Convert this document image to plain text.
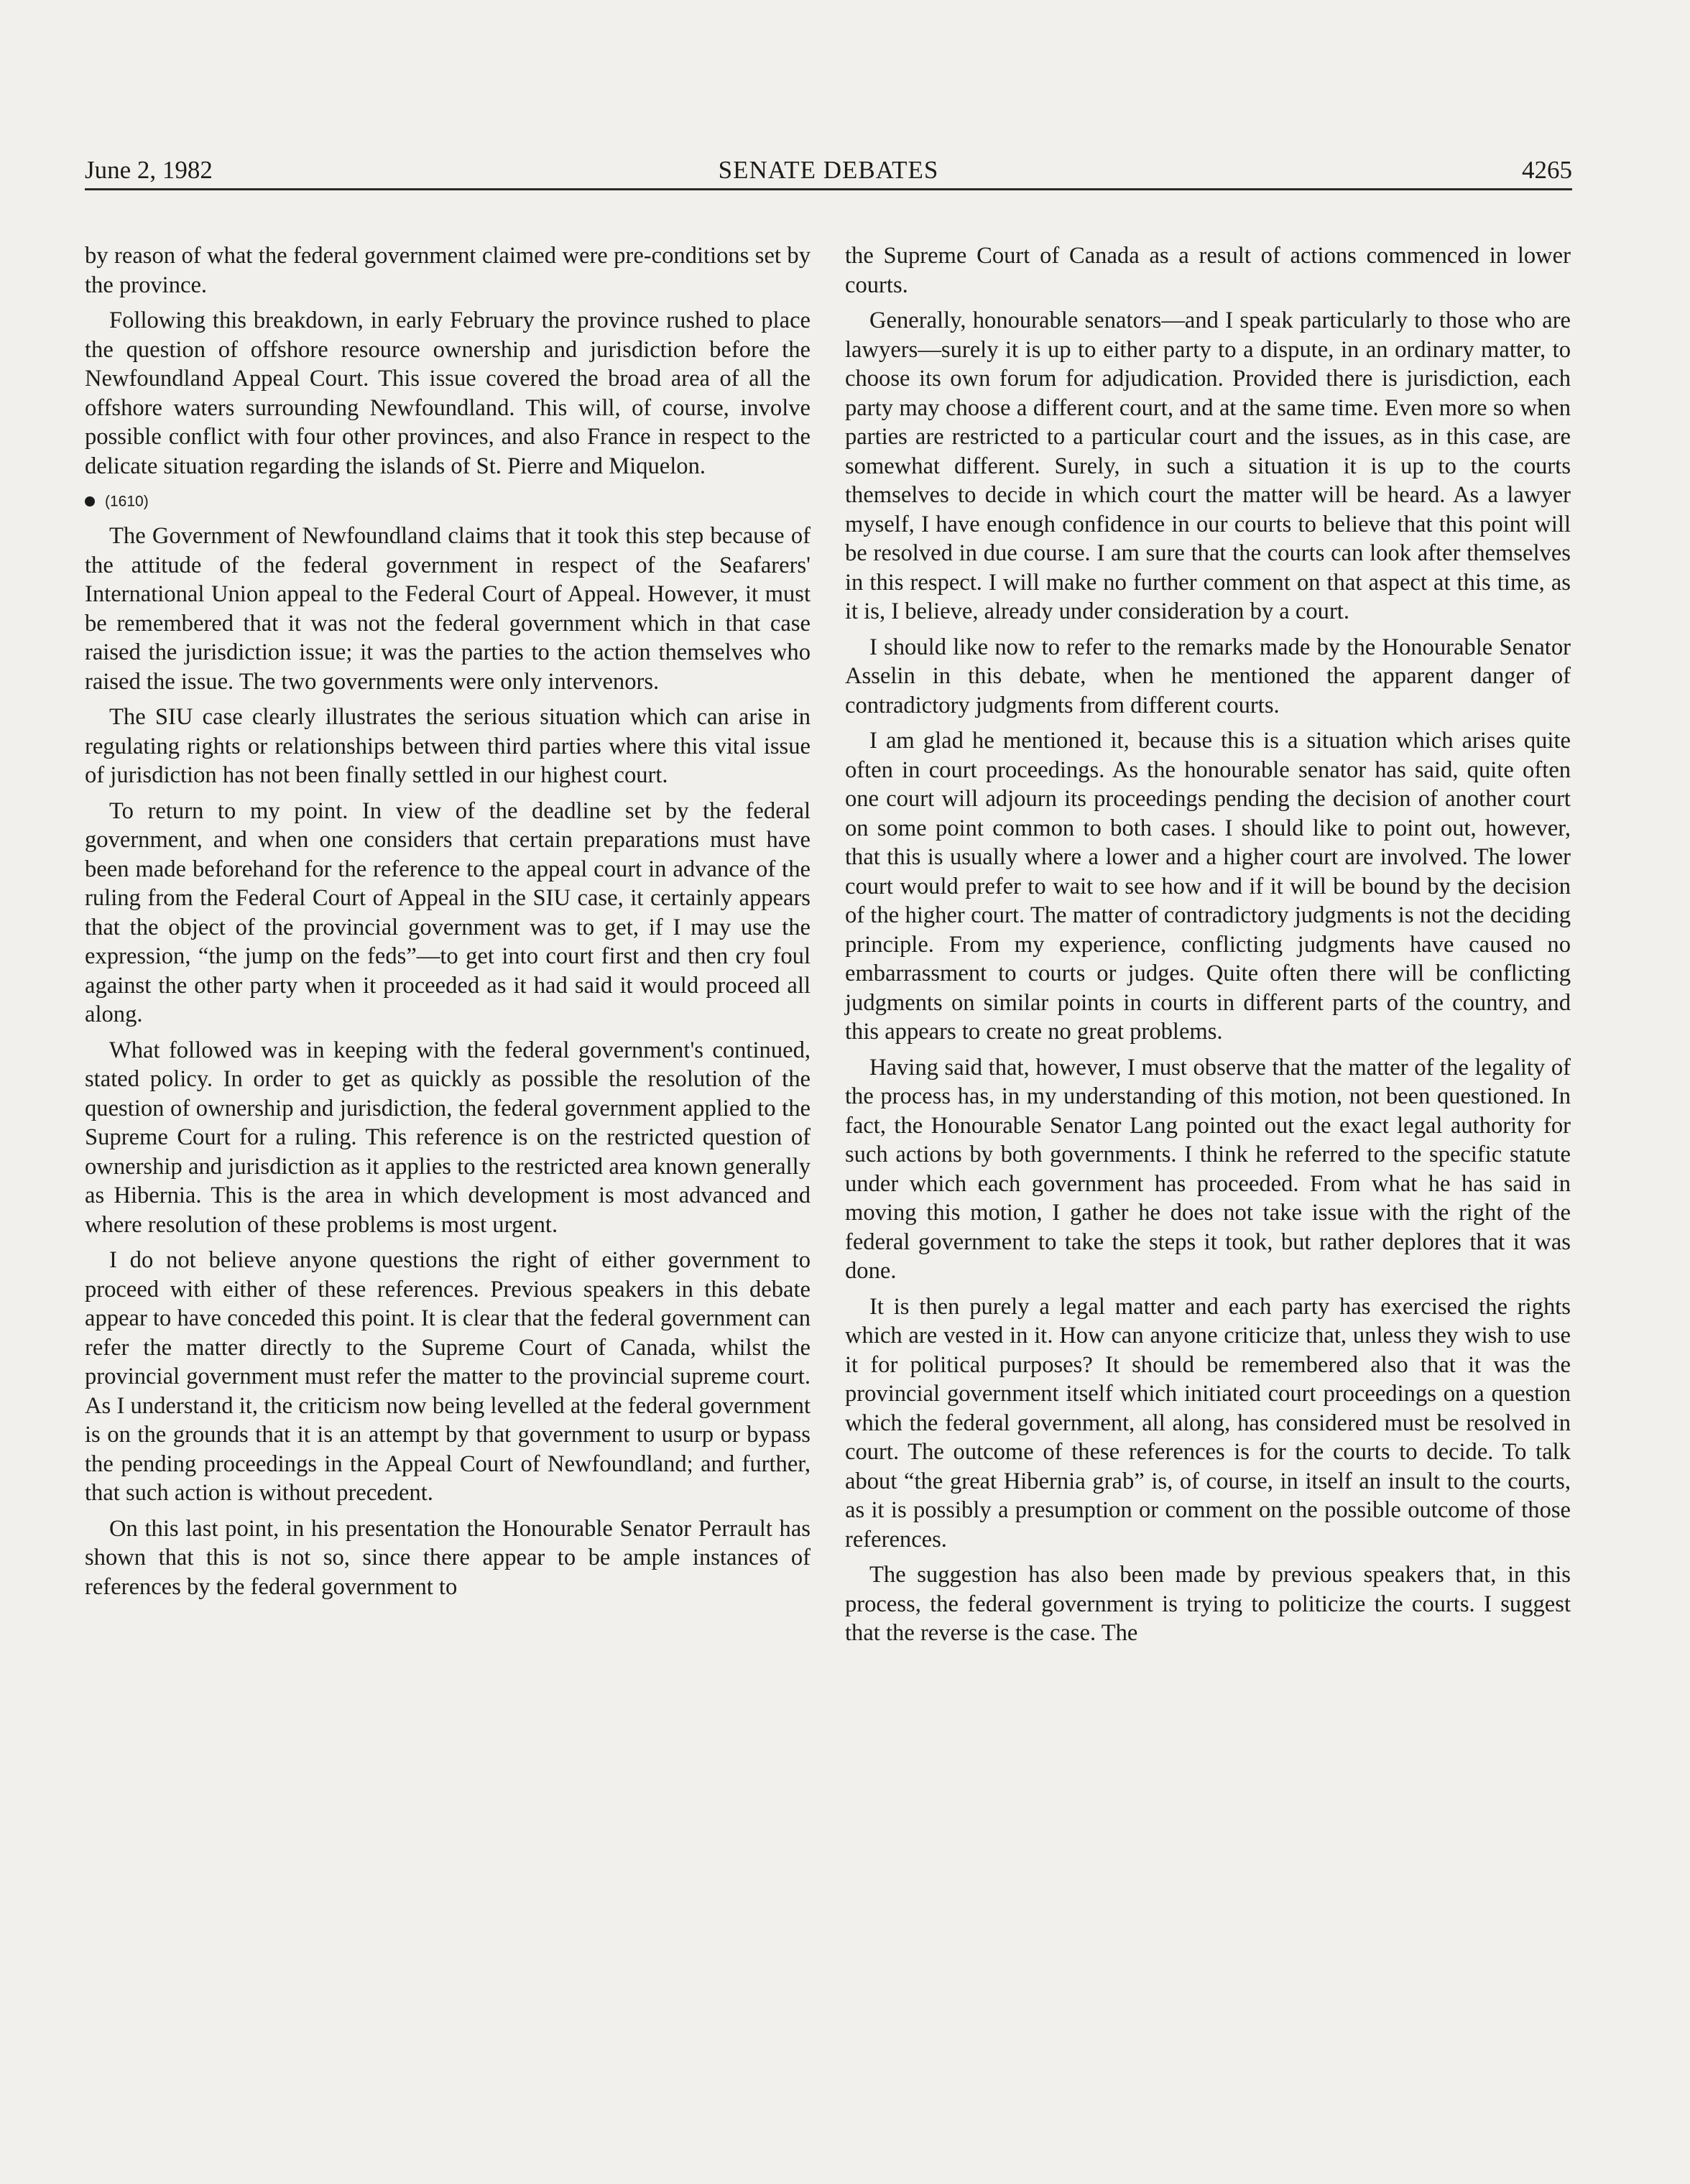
June 2, 1982	SENATE DEBATES	4265

by reason of what the federal government claimed were pre-conditions set by the province.

Following this breakdown, in early February the province rushed to place the question of offshore resource ownership and jurisdiction before the Newfoundland Appeal Court. This issue covered the broad area of all the offshore waters surrounding Newfoundland. This will, of course, involve possible conflict with four other provinces, and also France in respect to the delicate situation regarding the islands of St. Pierre and Miquelon.

(1610)

The Government of Newfoundland claims that it took this step because of the attitude of the federal government in respect of the Seafarers' International Union appeal to the Federal Court of Appeal. However, it must be remembered that it was not the federal government which in that case raised the jurisdiction issue; it was the parties to the action themselves who raised the issue. The two governments were only intervenors.

The SIU case clearly illustrates the serious situation which can arise in regulating rights or relationships between third parties where this vital issue of jurisdiction has not been finally settled in our highest court.

To return to my point. In view of the deadline set by the federal government, and when one considers that certain preparations must have been made beforehand for the reference to the appeal court in advance of the ruling from the Federal Court of Appeal in the SIU case, it certainly appears that the object of the provincial government was to get, if I may use the expression, “the jump on the feds”—to get into court first and then cry foul against the other party when it proceeded as it had said it would proceed all along.

What followed was in keeping with the federal government's continued, stated policy. In order to get as quickly as possible the resolution of the question of ownership and jurisdiction, the federal government applied to the Supreme Court for a ruling. This reference is on the restricted question of ownership and jurisdiction as it applies to the restricted area known generally as Hibernia. This is the area in which development is most advanced and where resolution of these problems is most urgent.

I do not believe anyone questions the right of either government to proceed with either of these references. Previous speakers in this debate appear to have conceded this point. It is clear that the federal government can refer the matter directly to the Supreme Court of Canada, whilst the provincial government must refer the matter to the provincial supreme court. As I understand it, the criticism now being levelled at the federal government is on the grounds that it is an attempt by that government to usurp or bypass the pending proceedings in the Appeal Court of Newfoundland; and further, that such action is without precedent.

On this last point, in his presentation the Honourable Senator Perrault has shown that this is not so, since there appear to be ample instances of references by the federal government to

the Supreme Court of Canada as a result of actions commenced in lower courts.

Generally, honourable senators—and I speak particularly to those who are lawyers—surely it is up to either party to a dispute, in an ordinary matter, to choose its own forum for adjudication. Provided there is jurisdiction, each party may choose a different court, and at the same time. Even more so when parties are restricted to a particular court and the issues, as in this case, are somewhat different. Surely, in such a situation it is up to the courts themselves to decide in which court the matter will be heard. As a lawyer myself, I have enough confidence in our courts to believe that this point will be resolved in due course. I am sure that the courts can look after themselves in this respect. I will make no further comment on that aspect at this time, as it is, I believe, already under consideration by a court.

I should like now to refer to the remarks made by the Honourable Senator Asselin in this debate, when he mentioned the apparent danger of contradictory judgments from different courts.

I am glad he mentioned it, because this is a situation which arises quite often in court proceedings. As the honourable senator has said, quite often one court will adjourn its proceedings pending the decision of another court on some point common to both cases. I should like to point out, however, that this is usually where a lower and a higher court are involved. The lower court would prefer to wait to see how and if it will be bound by the decision of the higher court. The matter of contradictory judgments is not the deciding principle. From my experience, conflicting judgments have caused no embarrassment to courts or judges. Quite often there will be conflicting judgments on similar points in courts in different parts of the country, and this appears to create no great problems.

Having said that, however, I must observe that the matter of the legality of the process has, in my understanding of this motion, not been questioned. In fact, the Honourable Senator Lang pointed out the exact legal authority for such actions by both governments. I think he referred to the specific statute under which each government has proceeded. From what he has said in moving this motion, I gather he does not take issue with the right of the federal government to take the steps it took, but rather deplores that it was done.

It is then purely a legal matter and each party has exercised the rights which are vested in it. How can anyone criticize that, unless they wish to use it for political purposes? It should be remembered also that it was the provincial government itself which initiated court proceedings on a question which the federal government, all along, has considered must be resolved in court. The outcome of these references is for the courts to decide. To talk about “the great Hibernia grab” is, of course, in itself an insult to the courts, as it is possibly a presumption or comment on the possible outcome of those references.

The suggestion has also been made by previous speakers that, in this process, the federal government is trying to politicize the courts. I suggest that the reverse is the case. The
